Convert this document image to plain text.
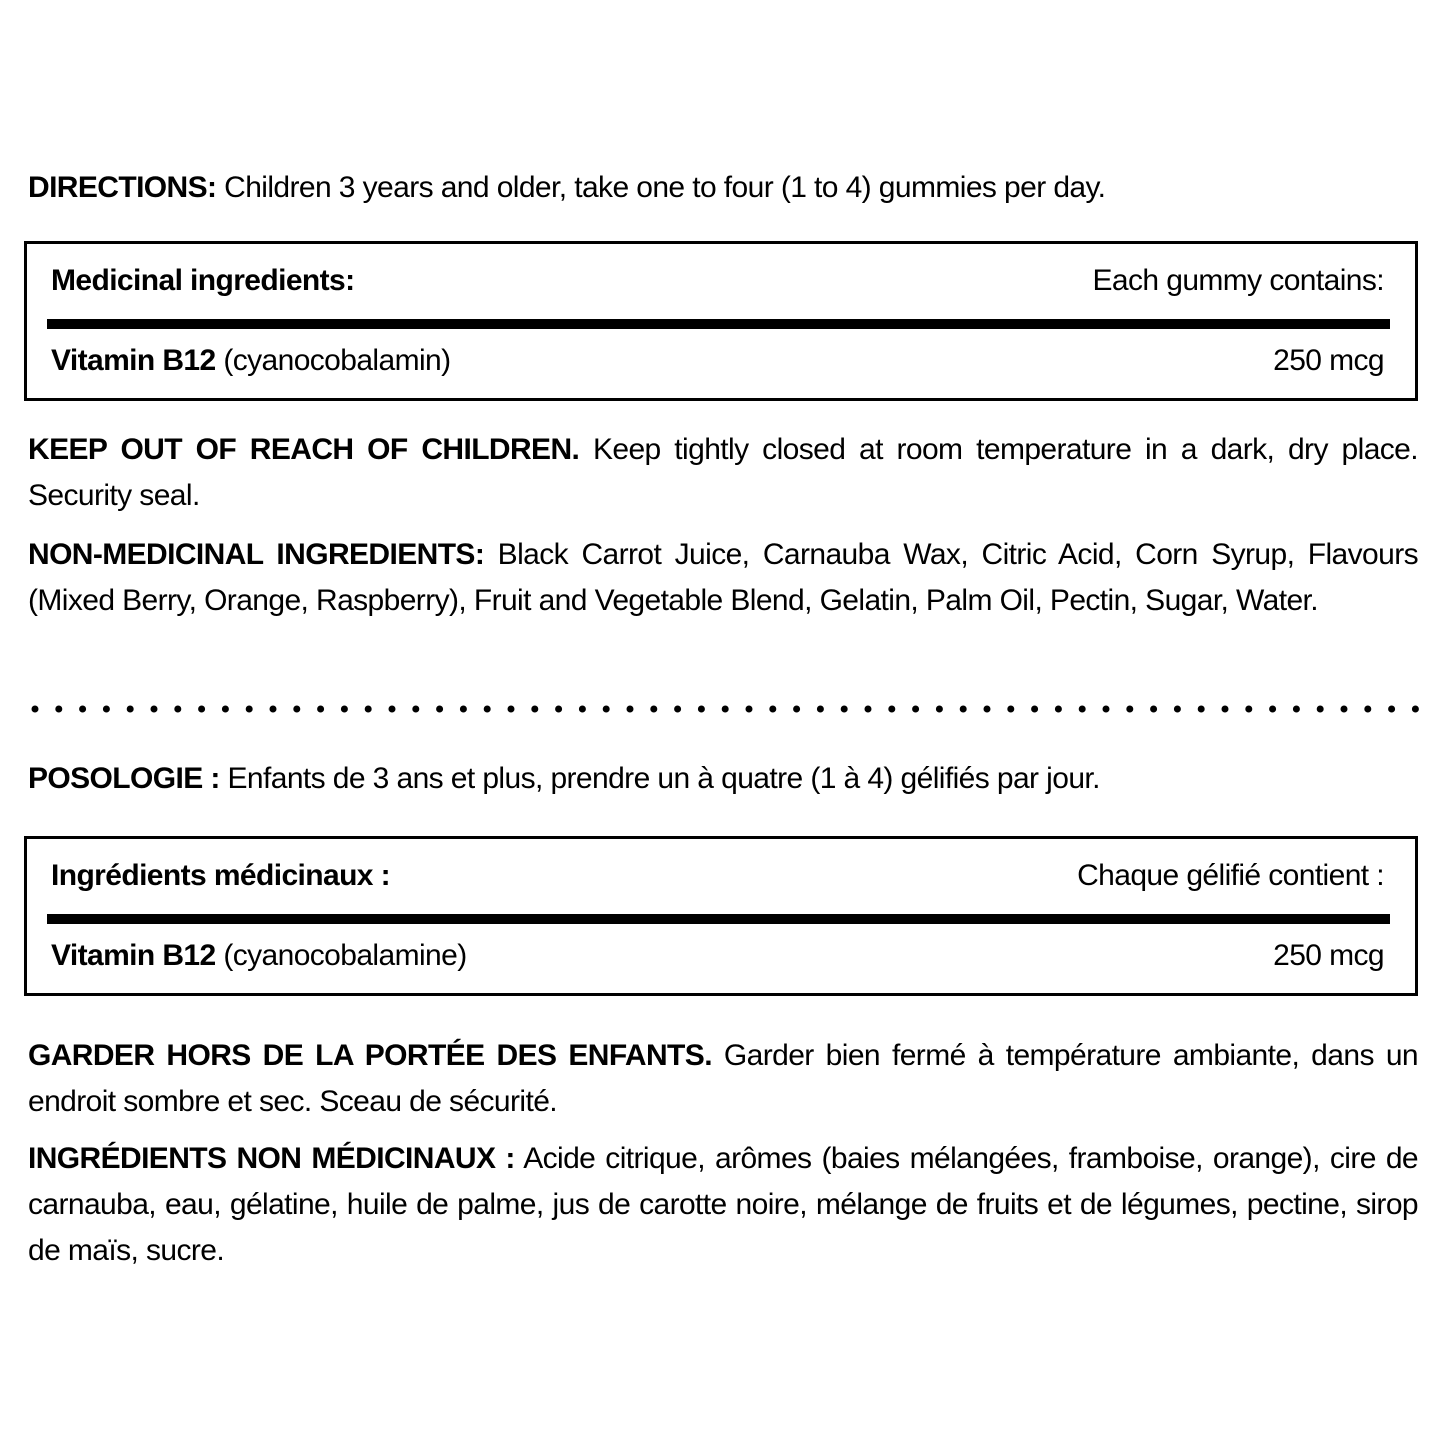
DIRECTIONS: Children 3 years and older, take one to four (1 to 4) gummies per day.
Medicinal ingredients:	Each gummy contains:
Vitamin B12 (cyanocobalamin)	250 mcg
KEEP OUT OF REACH OF CHILDREN. Keep tightly closed at room temperature in a dark, dry place. Security seal.
NON-MEDICINAL INGREDIENTS: Black Carrot Juice, Carnauba Wax, Citric Acid, Corn Syrup, Flavours (Mixed Berry, Orange, Raspberry), Fruit and Vegetable Blend, Gelatin, Palm Oil, Pectin, Sugar, Water.
POSOLOGIE : Enfants de 3 ans et plus, prendre un à quatre (1 à 4) gélifiés par jour.
Ingrédients médicinaux :	Chaque gélifié contient :
Vitamin B12 (cyanocobalamine)	250 mcg
GARDER HORS DE LA PORTÉE DES ENFANTS. Garder bien fermé à température ambiante, dans un endroit sombre et sec. Sceau de sécurité.
INGRÉDIENTS NON MÉDICINAUX : Acide citrique, arômes (baies mélangées, framboise, orange), cire de carnauba, eau, gélatine, huile de palme, jus de carotte noire, mélange de fruits et de légumes, pectine, sirop de maïs, sucre.
